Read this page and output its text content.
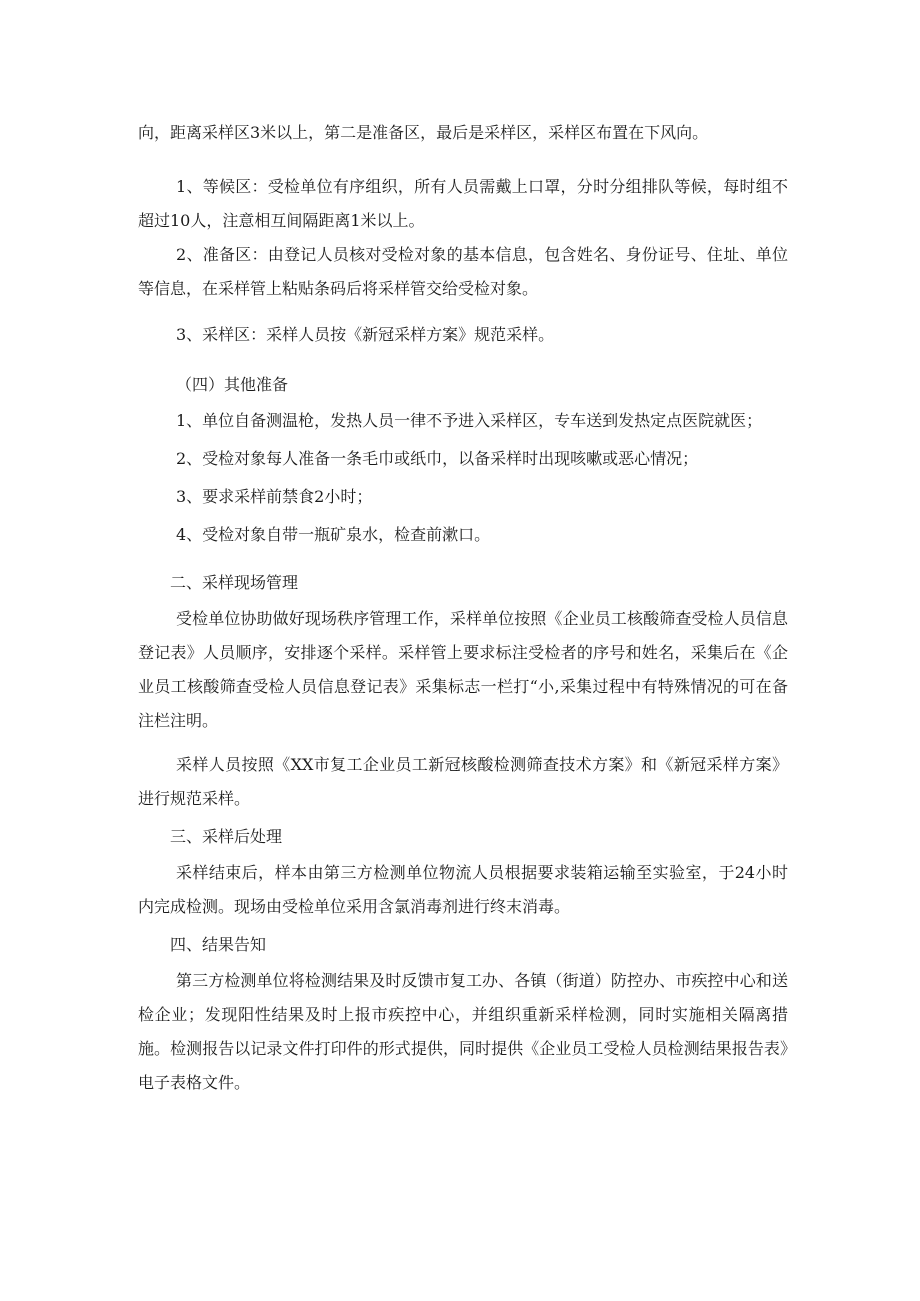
向，距离采样区3米以上，第二是准备区，最后是采样区，采样区布置在下风向。

1、等候区：受检单位有序组织，所有人员需戴上口罩，分时分组排队等候，每时组不超过10人，注意相互间隔距离1米以上。

2、准备区：由登记人员核对受检对象的基本信息，包含姓名、身份证号、住址、单位等信息，在采样管上粘贴条码后将采样管交给受检对象。

3、采样区：采样人员按《新冠采样方案》规范采样。

（四）其他准备

1、单位自备测温枪，发热人员一律不予进入采样区，专车送到发热定点医院就医；

2、受检对象每人准备一条毛巾或纸巾，以备采样时出现咳嗽或恶心情况；

3、要求采样前禁食2小时；

4、受检对象自带一瓶矿泉水，检查前漱口。

二、采样现场管理

受检单位协助做好现场秩序管理工作，采样单位按照《企业员工核酸筛查受检人员信息登记表》人员顺序，安排逐个采样。采样管上要求标注受检者的序号和姓名，采集后在《企业员工核酸筛查受检人员信息登记表》采集标志一栏打“小,采集过程中有特殊情况的可在备注栏注明。

采样人员按照《XX市复工企业员工新冠核酸检测筛查技术方案》和《新冠采样方案》进行规范采样。

三、采样后处理

采样结束后，样本由第三方检测单位物流人员根据要求装箱运输至实验室，于24小时内完成检测。现场由受检单位采用含氯消毒剂进行终末消毒。

四、结果告知

第三方检测单位将检测结果及时反馈市复工办、各镇（街道）防控办、市疾控中心和送检企业；发现阳性结果及时上报市疾控中心，并组织重新采样检测，同时实施相关隔离措施。检测报告以记录文件打印件的形式提供，同时提供《企业员工受检人员检测结果报告表》电子表格文件。
